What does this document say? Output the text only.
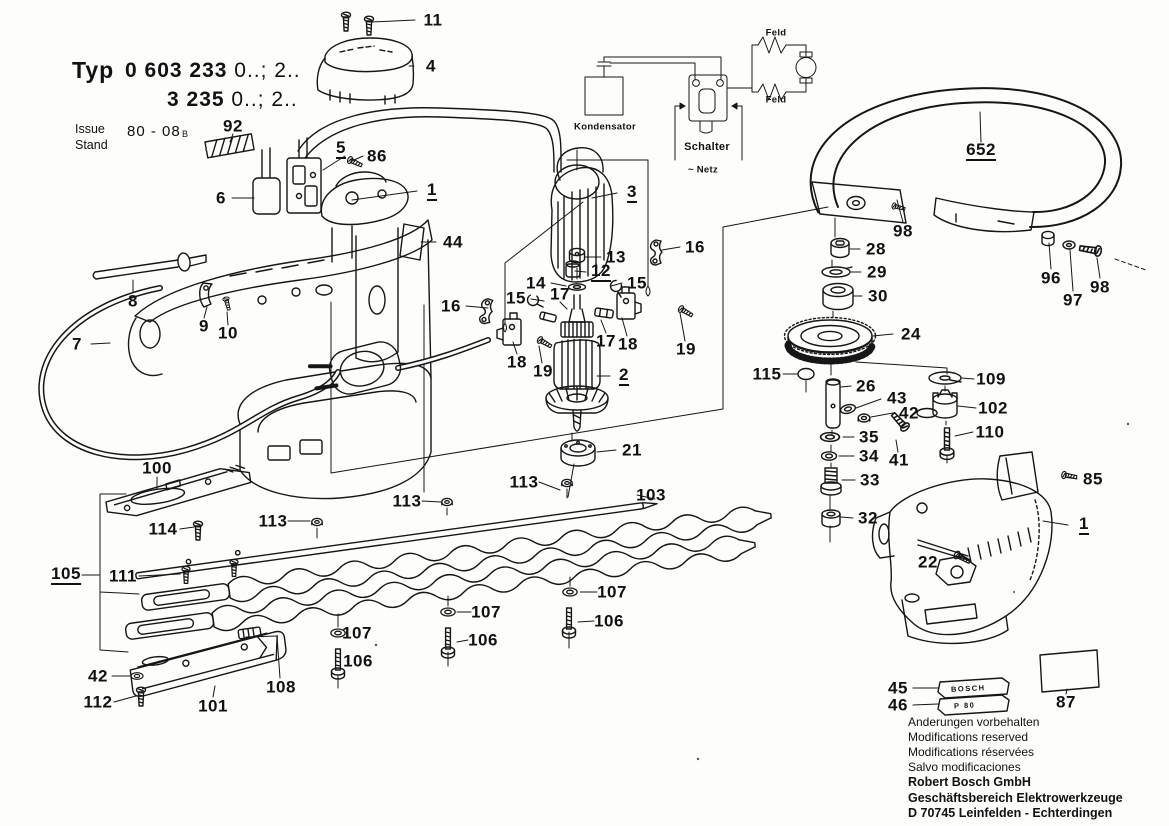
Typ 0 603 233 0..; 2..
3 235 0..; 2..
Issue
Stand
80 - 08 B
Kondensator
Schalter
~ Netz
Feld
Feld
BOSCH
P 80
Anderungen vorbehalten
Modifications reserved
Modifications réservées
Salvo modificaciones
Robert Bosch GmbH
Geschäftsbereich Elektrowerkzeuge
D 70745 Leinfelden - Echterdingen
11
4
92
5 86
6	1
44
3
13
12
14	15
15 17
16
16
17 18 19
18 19	2
21
113
103
113
113
100
114
105 111
107
106
107
106
107
106
108
101
42
112
7
8
9 10
652
98
96
97
98
28
29
30
24
115
26
43
42
109
102
110
35
34 41
33
32
85
1
22
45
46	87
